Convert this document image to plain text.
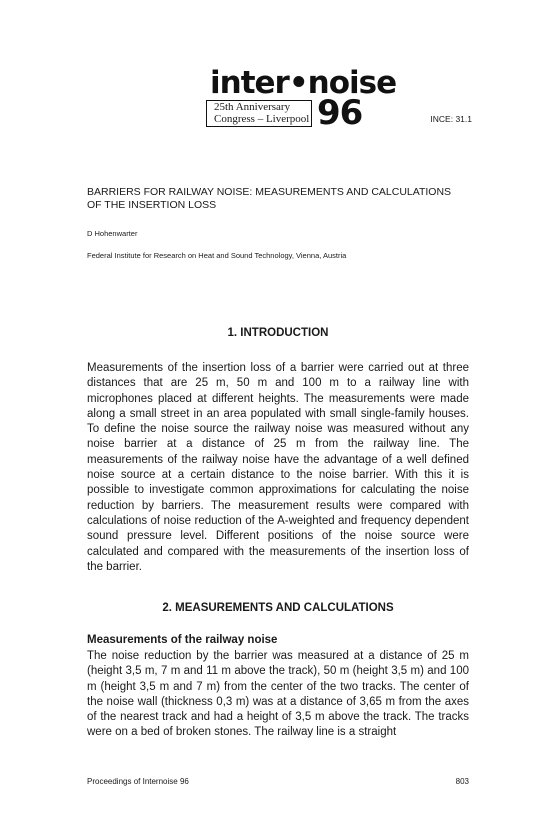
inter•noise
25th Anniversary
Congress – Liverpool 96	INCE: 31.1
BARRIERS FOR RAILWAY NOISE: MEASUREMENTS AND CALCULATIONS OF THE INSERTION LOSS
D Hohenwarter
Federal Institute for Research on Heat and Sound Technology, Vienna, Austria
1. INTRODUCTION

Measurements of the insertion loss of a barrier were carried out at three distances that are 25 m, 50 m and 100 m to a railway line with microphones placed at different heights. The measurements were made along a small street in an area populated with small single-family houses. To define the noise source the railway noise was measured without any noise barrier at a distance of 25 m from the railway line. The measurements of the railway noise have the advantage of a well defined noise source at a certain distance to the noise barrier. With this it is possible to investigate common approximations for calculating the noise reduction by barriers. The measurement results were compared with calculations of noise reduction of the A-weighted and frequency dependent sound pressure level. Different positions of the noise source were calculated and compared with the measurements of the insertion loss of the barrier.

2. MEASUREMENTS AND CALCULATIONS
Measurements of the railway noise

The noise reduction by the barrier was measured at a distance of 25 m (height 3,5 m, 7 m and 11 m above the track), 50 m (height 3,5 m) and 100 m (height 3,5 m and 7 m) from the center of the two tracks. The center of the noise wall (thickness 0,3 m) was at a distance of 3,65 m from the axes of the nearest track and had a height of 3,5 m above the track. The tracks were on a bed of broken stones. The railway line is a straight

Proceedings of Internoise 96	803
